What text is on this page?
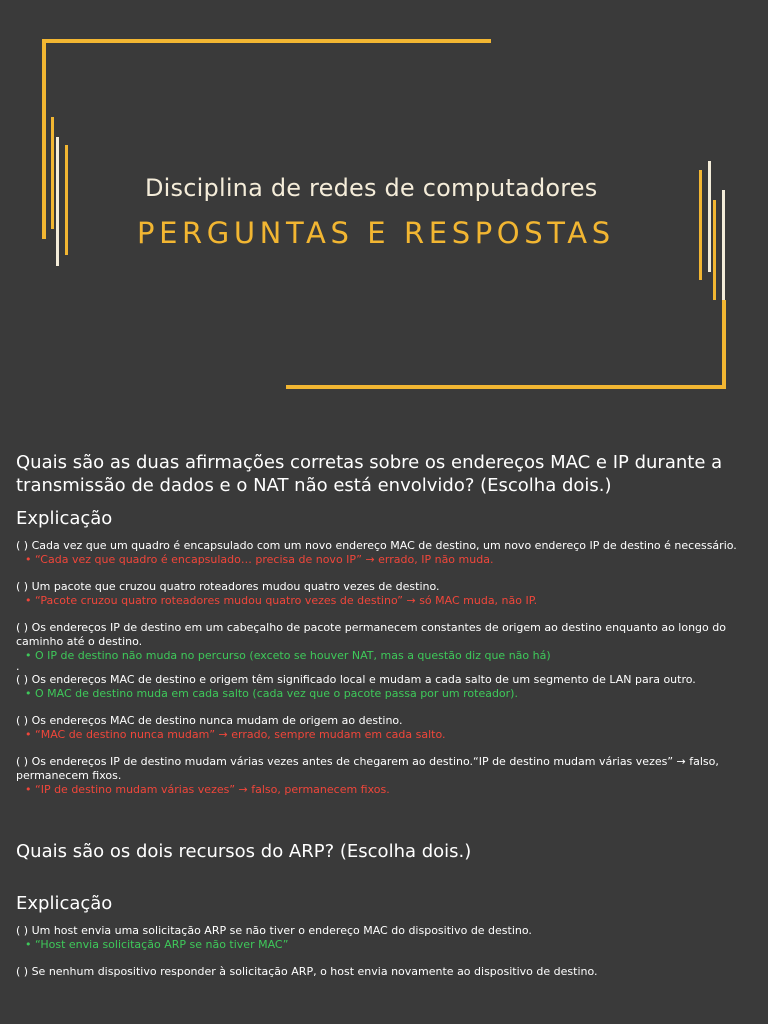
Disciplina de redes de computadores
PERGUNTAS E RESPOSTAS

Quais são as duas afirmações corretas sobre os endereços MAC e IP durante a transmissão de dados e o NAT não está envolvido? (Escolha dois.)

Explicação

( ) Cada vez que um quadro é encapsulado com um novo endereço MAC de destino, um novo endereço IP de destino é necessário.

• “Cada vez que quadro é encapsulado… precisa de novo IP” → errado, IP não muda.

( ) Um pacote que cruzou quatro roteadores mudou quatro vezes de destino.

• “Pacote cruzou quatro roteadores mudou quatro vezes de destino” → só MAC muda, não IP.

( ) Os endereços IP de destino em um cabeçalho de pacote permanecem constantes de origem ao destino enquanto ao longo do caminho até o destino.

• O IP de destino não muda no percurso (exceto se houver NAT, mas a questão diz que não há)

.

( ) Os endereços MAC de destino e origem têm significado local e mudam a cada salto de um segmento de LAN para outro.

• O MAC de destino muda em cada salto (cada vez que o pacote passa por um roteador).

( ) Os endereços MAC de destino nunca mudam de origem ao destino.

• “MAC de destino nunca mudam” → errado, sempre mudam em cada salto.

( ) Os endereços IP de destino mudam várias vezes antes de chegarem ao destino.“IP de destino mudam várias vezes” → falso, permanecem fixos.

• “IP de destino mudam várias vezes” → falso, permanecem fixos.

Quais são os dois recursos do ARP? (Escolha dois.)

Explicação

( ) Um host envia uma solicitação ARP se não tiver o endereço MAC do dispositivo de destino.

• “Host envia solicitação ARP se não tiver MAC”

( ) Se nenhum dispositivo responder à solicitação ARP, o host envia novamente ao dispositivo de destino.
